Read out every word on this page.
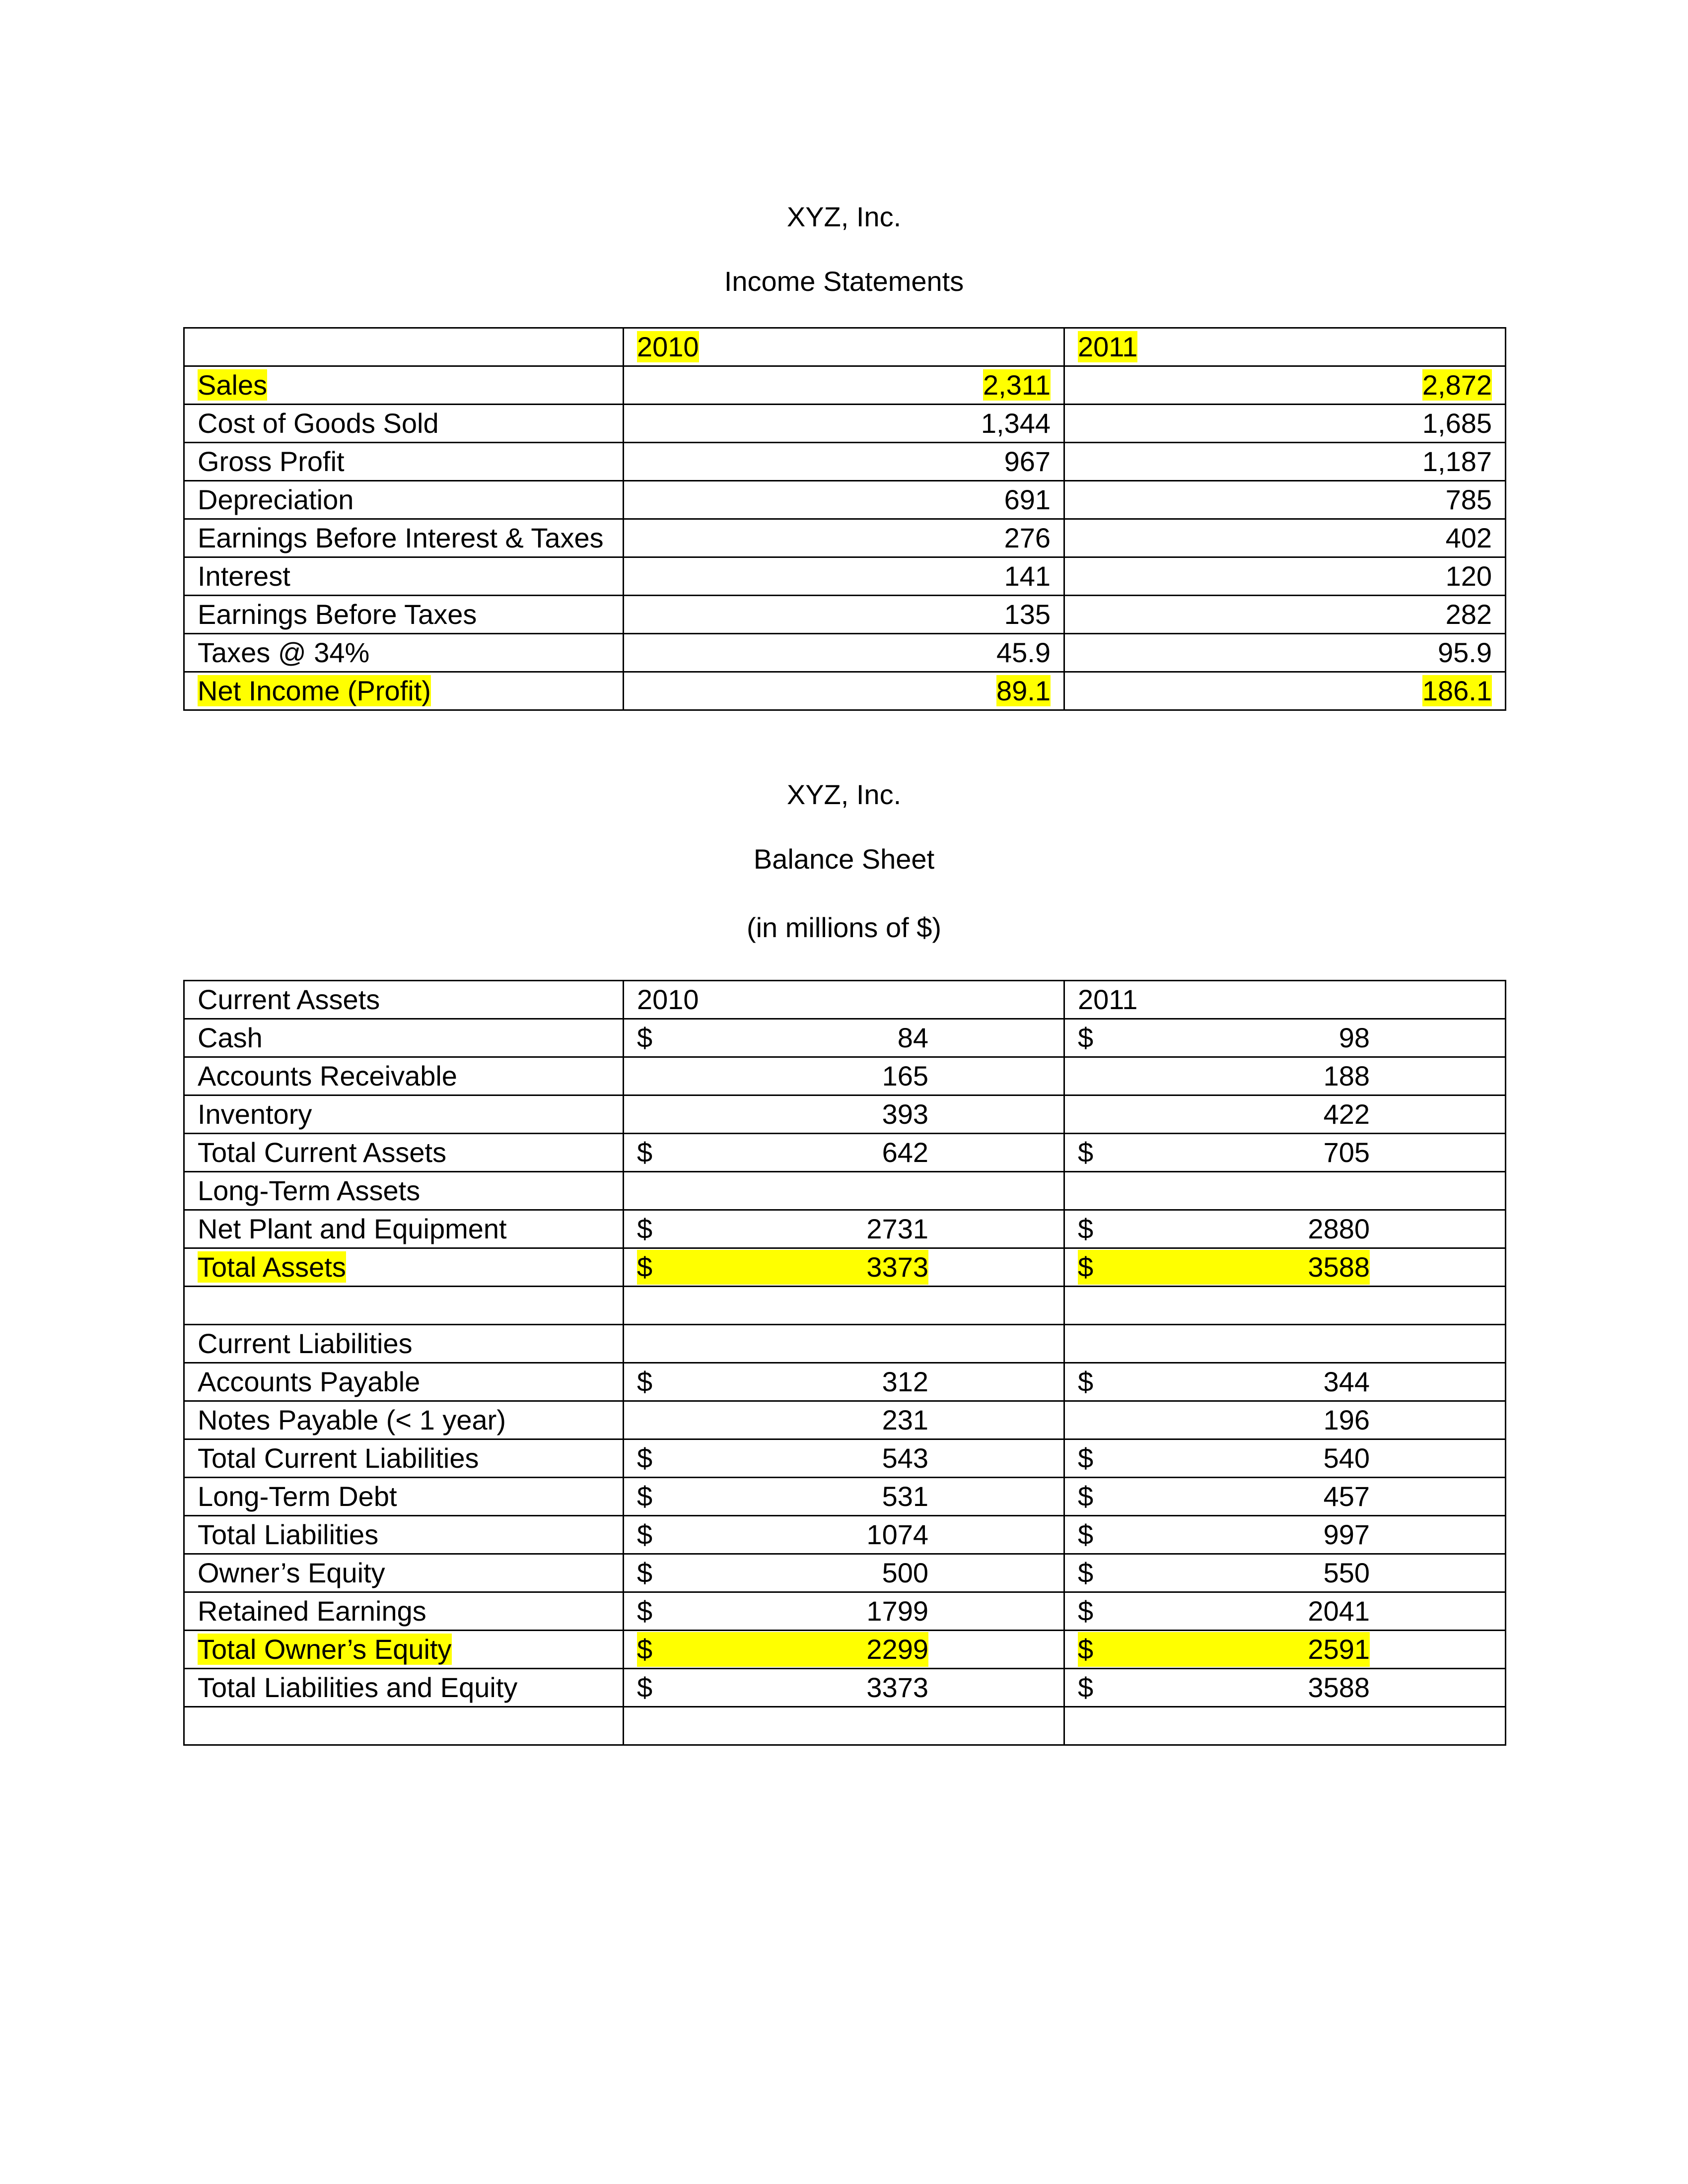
XYZ, Inc.
Income Statements
	2010	2011
Sales	2,311	2,872
Cost of Goods Sold	1,344	1,685
Gross Profit	967	1,187
Depreciation	691	785
Earnings Before Interest & Taxes	276	402
Interest	141	120
Earnings Before Taxes	135	282
Taxes @ 34%	45.9	95.9
Net Income (Profit)	89.1	186.1
XYZ, Inc.
Balance Sheet
(in millions of $)
Current Assets	2010	2011
Cash	$ 84	$ 98

Accounts Receivable	165	188

Inventory	393	422

Total Current Assets	$ 642	$ 705

Long-Term Assets	

Net Plant and Equipment	$ 2731	$ 2880

Total Assets	$ 3373	$ 3588

Current Liabilities	

Accounts Payable	$ 312	$ 344

Notes Payable (< 1 year)	231	196

Total Current Liabilities	$ 543	$ 540

Long-Term Debt	$ 531	$ 457

Total Liabilities	$ 1074	$ 997

Owner’s Equity	$ 500	$ 550

Retained Earnings	$ 1799	$ 2041

Total Owner’s Equity	$ 2299	$ 2591

Total Liabilities and Equity	$ 3373	$ 3588
